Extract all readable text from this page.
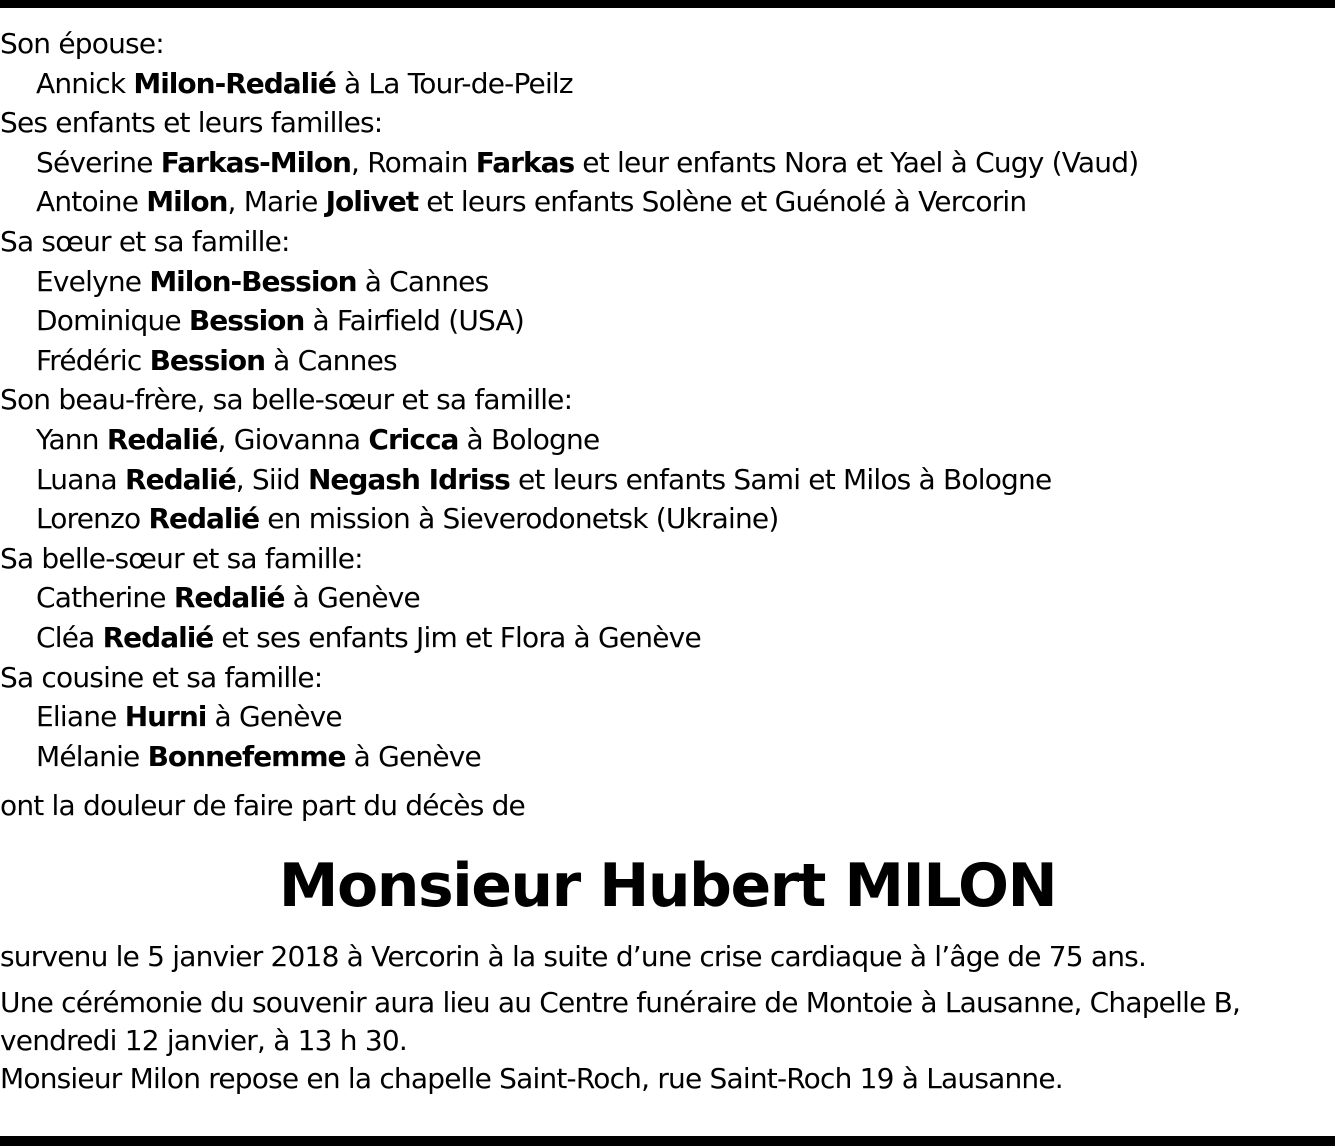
Son épouse:
Annick Milon-Redalié à La Tour-de-Peilz
Ses enfants et leurs familles:
Séverine Farkas-Milon, Romain Farkas et leur enfants Nora et Yael à Cugy (Vaud)
Antoine Milon, Marie Jolivet et leurs enfants Solène et Guénolé à Vercorin
Sa sœur et sa famille:
Evelyne Milon-Bession à Cannes
Dominique Bession à Fairfield (USA)
Frédéric Bession à Cannes
Son beau-frère, sa belle-sœur et sa famille:
Yann Redalié, Giovanna Cricca à Bologne
Luana Redalié, Siid Negash Idriss et leurs enfants Sami et Milos à Bologne
Lorenzo Redalié en mission à Sieverodonetsk (Ukraine)
Sa belle-sœur et sa famille:
Catherine Redalié à Genève
Cléa Redalié et ses enfants Jim et Flora à Genève
Sa cousine et sa famille:
Eliane Hurni à Genève
Mélanie Bonnefemme à Genève
ont la douleur de faire part du décès de
Monsieur Hubert MILON
survenu le 5 janvier 2018 à Vercorin à la suite d’une crise cardiaque à l’âge de 75 ans.
Une cérémonie du souvenir aura lieu au Centre funéraire de Montoie à Lausanne, Chapelle B,
vendredi 12 janvier, à 13 h 30.
Monsieur Milon repose en la chapelle Saint-Roch, rue Saint-Roch 19 à Lausanne.
